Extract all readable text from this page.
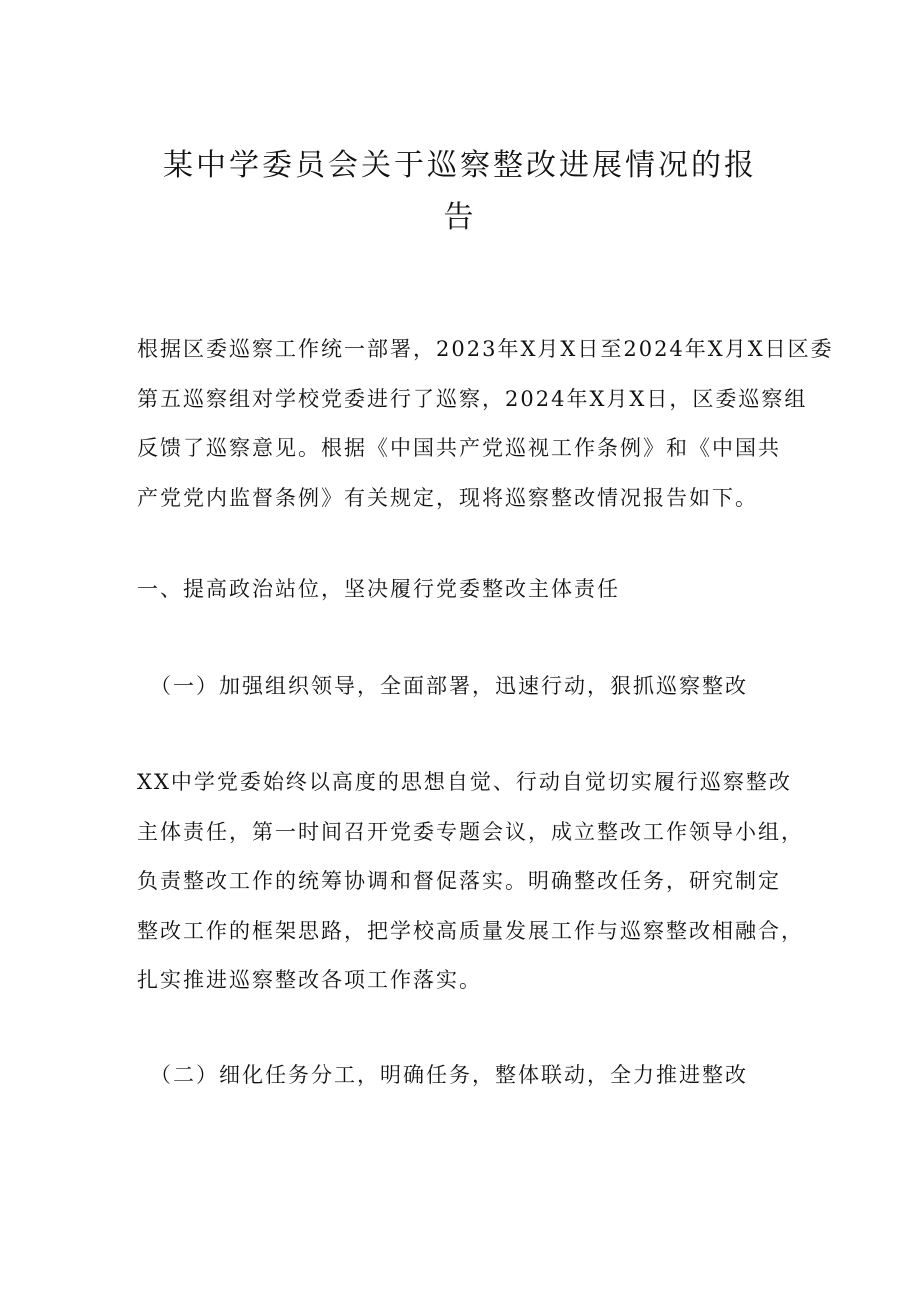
某中学委员会关于巡察整改进展情况的报
告

根据区委巡察工作统一部署，2023年X月X日至2024年X月X日区委
第五巡察组对学校党委进行了巡察，2024年X月X日，区委巡察组
反馈了巡察意见。根据《中国共产党巡视工作条例》和《中国共
产党党内监督条例》有关规定，现将巡察整改情况报告如下。

一、提高政治站位，坚决履行党委整改主体责任

（一）加强组织领导，全面部署，迅速行动，狠抓巡察整改

XX中学党委始终以高度的思想自觉、行动自觉切实履行巡察整改
主体责任，第一时间召开党委专题会议，成立整改工作领导小组，
负责整改工作的统筹协调和督促落实。明确整改任务，研究制定
整改工作的框架思路，把学校高质量发展工作与巡察整改相融合，
扎实推进巡察整改各项工作落实。

（二）细化任务分工，明确任务，整体联动，全力推进整改
